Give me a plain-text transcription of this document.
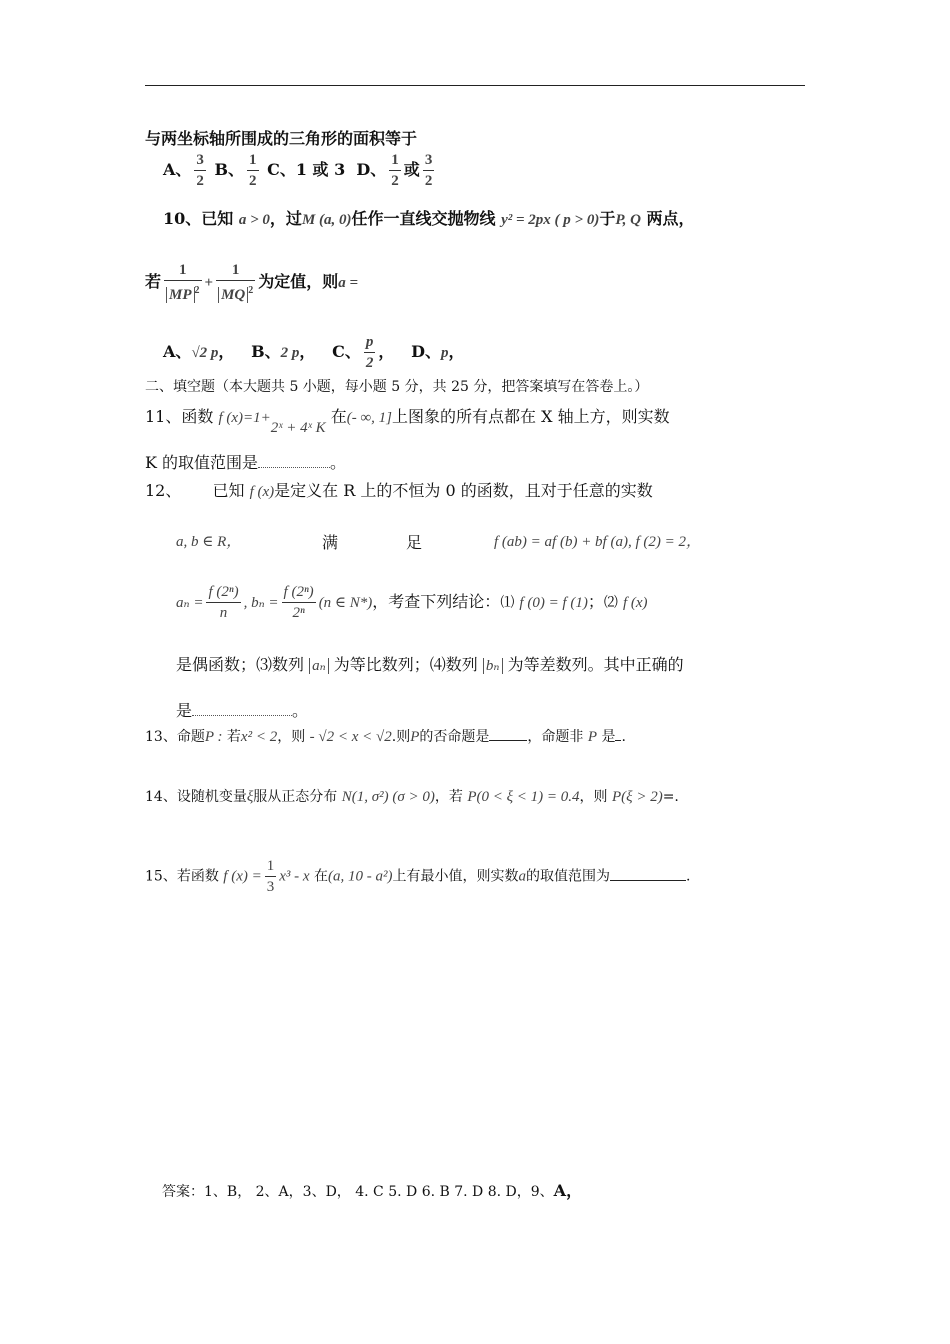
与两坐标轴所围成的三角形的面积等于
A、 $\frac{3}{2}$ B、 $\frac{1}{2}$ C、1 或 3 D、 $\frac{1}{2}$ 或 $\frac{3}{2}$
10、已知 a > 0，过M (a, 0)任作一直线交抛物线 y² = 2px ( p > 0)于P, Q 两点，
若 $\frac{1}{MP ^2} + \frac{1}{MQ ^2}$ 为定值，则a =
A、√2 p， B、2 p， C、 $\frac{p}{2}$ ， D、p，
二、填空题（本大题共 5 小题，每小题 5 分，共 25 分，把答案填写在答卷上。）
11、函数 f (x)=1+2ˣ + 4ˣ K 在(- ∞, 1]上图象的所有点都在 X 轴上方，则实数
K 的取值范围是	。
12、 已知 f (x)是定义在 R 上的不恒为 0 的函数，且对于任意的实数
a, b ∈ R，	满	足	f (ab) = af (b) + bf (a), f (2) = 2，
$a_n = \frac{\text{f (2ⁿ)}}{n}$ , $b_n = \frac{\text{f (2ⁿ)}}{\text{2ⁿ}} (n$ ∈ N*)，考查下列结论：⑴ f (0) = f (1)；⑵ f (x)
是偶函数；⑶数列 aₙ 为等比数列；⑷数列 bₙ 为等差数列。其中正确的
是	。
13、命题P : 若x² < 2，则 - √2 < x < √2.则P的否命题是	，命题非 P 是 .
14、设随机变量ξ服从正态分布 N(1, σ²) (σ > 0)，若 P(0 < ξ < 1) = 0.4，则 P(ξ > 2)=.
15、若函数 f $(x) = \frac{1}{3} x^3 - x$ 在(a, 10 - a²)上有最小值，则实数a的取值范围为	.
答案：1、B， 2、A，3、D， 4. C 5. D 6. B 7. D 8. D，9、A，
